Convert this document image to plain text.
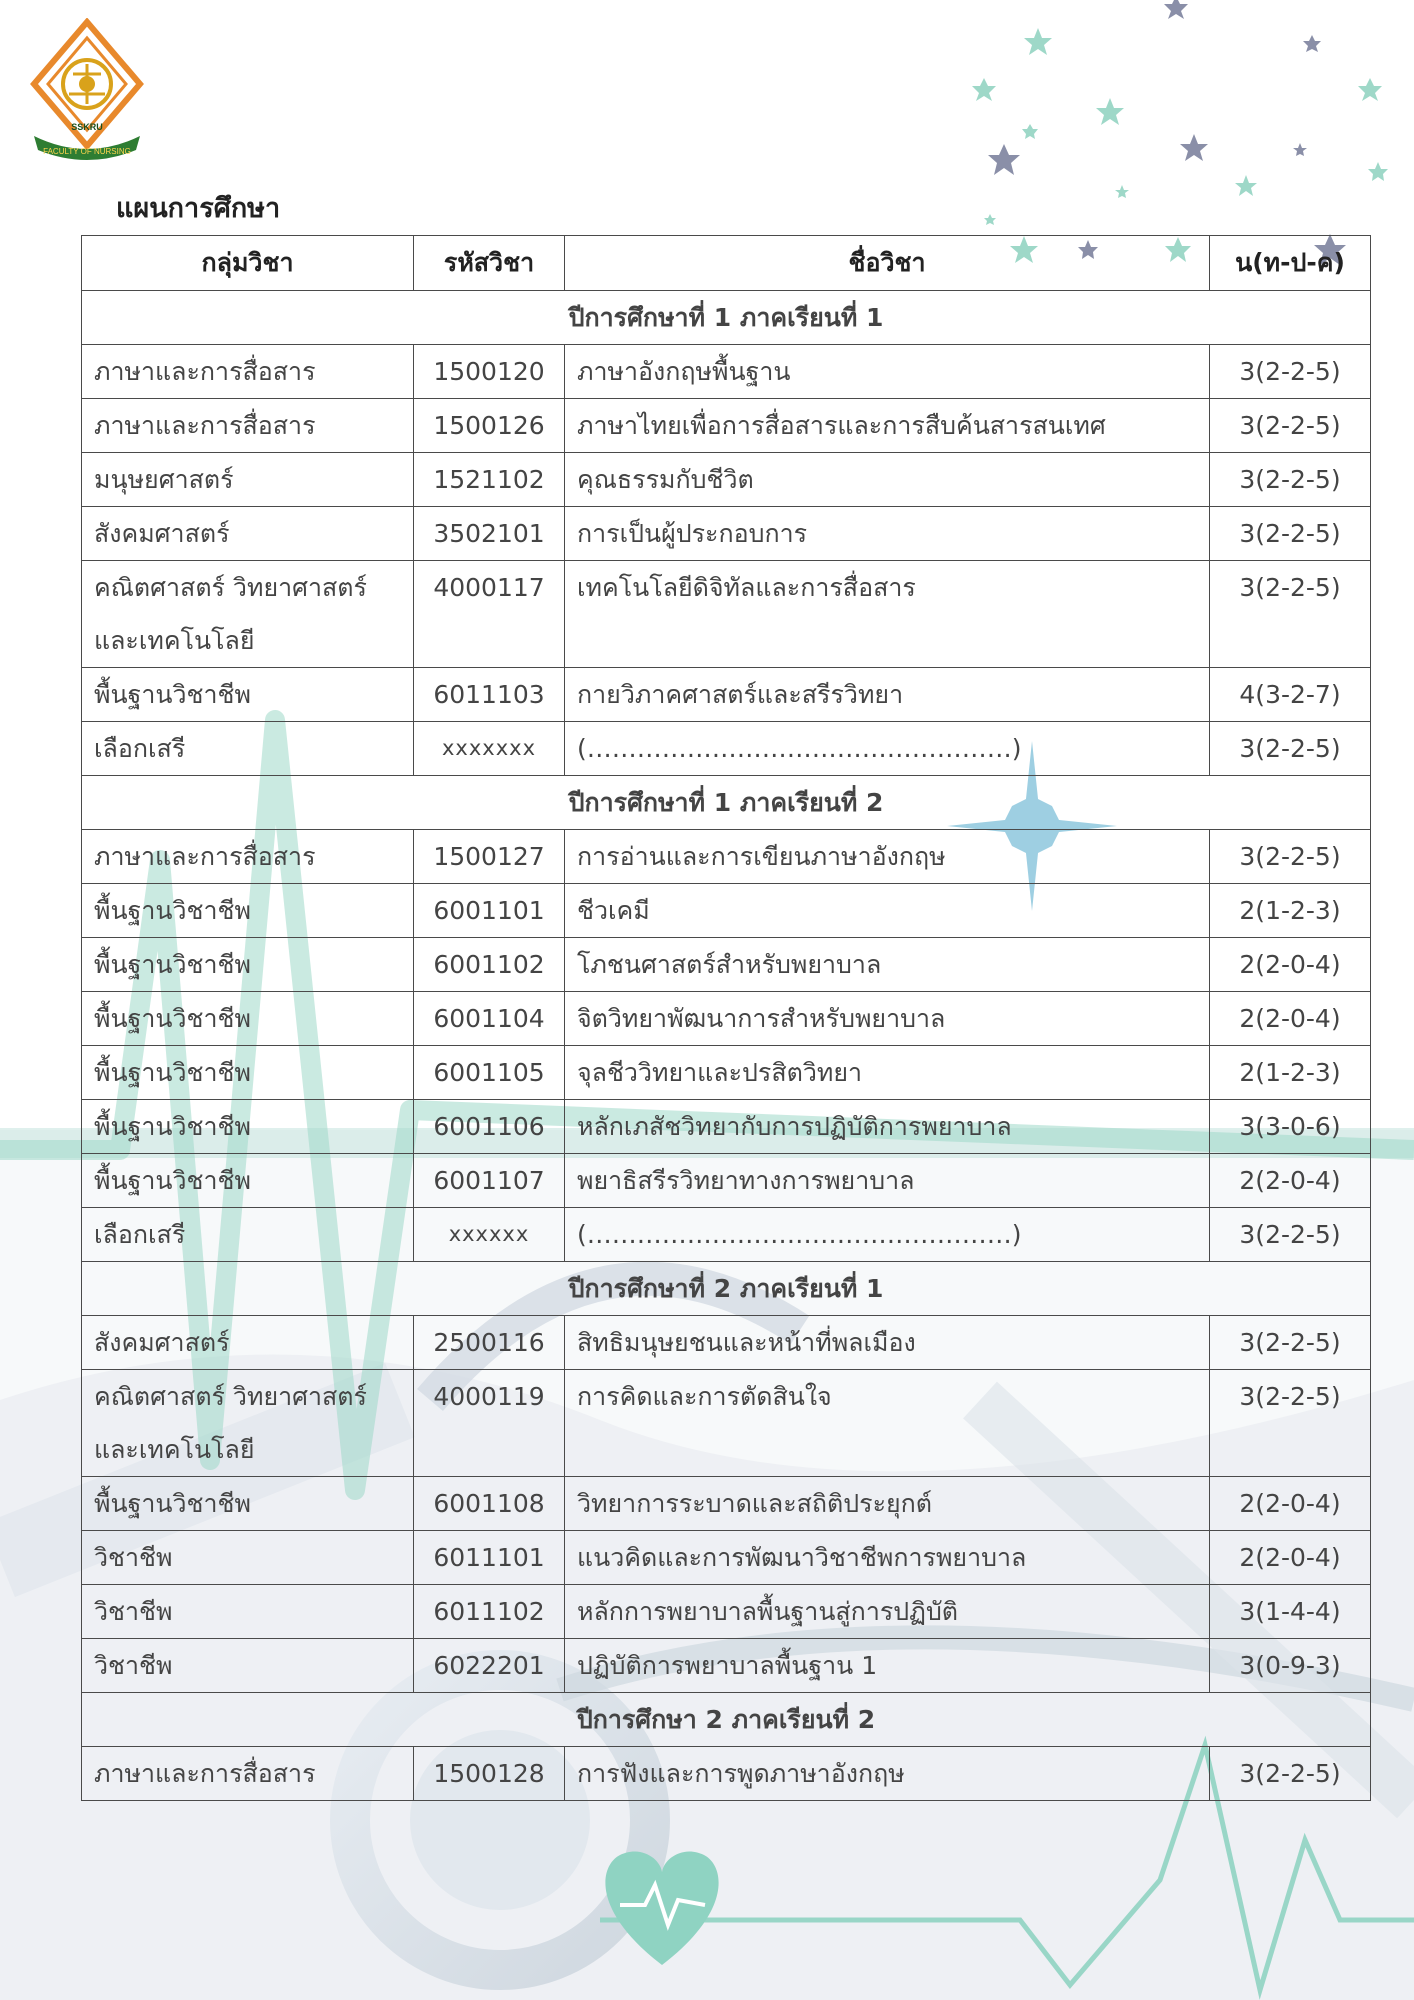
SSKRU
FACULTY OF NURSING
แผนการศึกษา
กลุ่มวิชา	รหัสวิชา	ชื่อวิชา	น(ท-ป-ค)
ปีการศึกษาที่ 1 ภาคเรียนที่ 1			
ภาษาและการสื่อสาร	1500120	ภาษาอังกฤษพื้นฐาน	3(2-2-5)
ภาษาและการสื่อสาร	1500126	ภาษาไทยเพื่อการสื่อสารและการสืบค้นสารสนเทศ	3(2-2-5)
มนุษยศาสตร์	1521102	คุณธรรมกับชีวิต	3(2-2-5)
สังคมศาสตร์	3502101	การเป็นผู้ประกอบการ	3(2-2-5)

คณิตศาสตร์ วิทยาศาสตร์
และเทคโนโลยี	4000117	เทคโนโลยีดิจิทัลและการสื่อสาร	3(2-2-5)
พื้นฐานวิชาชีพ	6011103	กายวิภาคศาสตร์และสรีรวิทยา	4(3-2-7)
เลือกเสรี	xxxxxxx	(……………………………………………)	3(2-2-5)
ปีการศึกษาที่ 1 ภาคเรียนที่ 2			
ภาษาและการสื่อสาร	1500127	การอ่านและการเขียนภาษาอังกฤษ	3(2-2-5)
พื้นฐานวิชาชีพ	6001101	ชีวเคมี	2(1-2-3)
พื้นฐานวิชาชีพ	6001102	โภชนศาสตร์สำหรับพยาบาล	2(2-0-4)
พื้นฐานวิชาชีพ	6001104	จิตวิทยาพัฒนาการสำหรับพยาบาล	2(2-0-4)
พื้นฐานวิชาชีพ	6001105	จุลชีววิทยาและปรสิตวิทยา	2(1-2-3)
พื้นฐานวิชาชีพ	6001106	หลักเภสัชวิทยากับการปฏิบัติการพยาบาล	3(3-0-6)
พื้นฐานวิชาชีพ	6001107	พยาธิสรีรวิทยาทางการพยาบาล	2(2-0-4)
เลือกเสรี	xxxxxx	(……………………………………………)	3(2-2-5)
ปีการศึกษาที่ 2 ภาคเรียนที่ 1			
สังคมศาสตร์	2500116	สิทธิมนุษยชนและหน้าที่พลเมือง	3(2-2-5)

คณิตศาสตร์ วิทยาศาสตร์
และเทคโนโลยี	4000119	การคิดและการตัดสินใจ	3(2-2-5)
พื้นฐานวิชาชีพ	6001108	วิทยาการระบาดและสถิติประยุกต์	2(2-0-4)
วิชาชีพ	6011101	แนวคิดและการพัฒนาวิชาชีพการพยาบาล	2(2-0-4)
วิชาชีพ	6011102	หลักการพยาบาลพื้นฐานสู่การปฏิบัติ	3(1-4-4)
วิชาชีพ	6022201	ปฏิบัติการพยาบาลพื้นฐาน 1	3(0-9-3)
ปีการศึกษา 2 ภาคเรียนที่ 2			
ภาษาและการสื่อสาร	1500128	การฟังและการพูดภาษาอังกฤษ	3(2-2-5)
